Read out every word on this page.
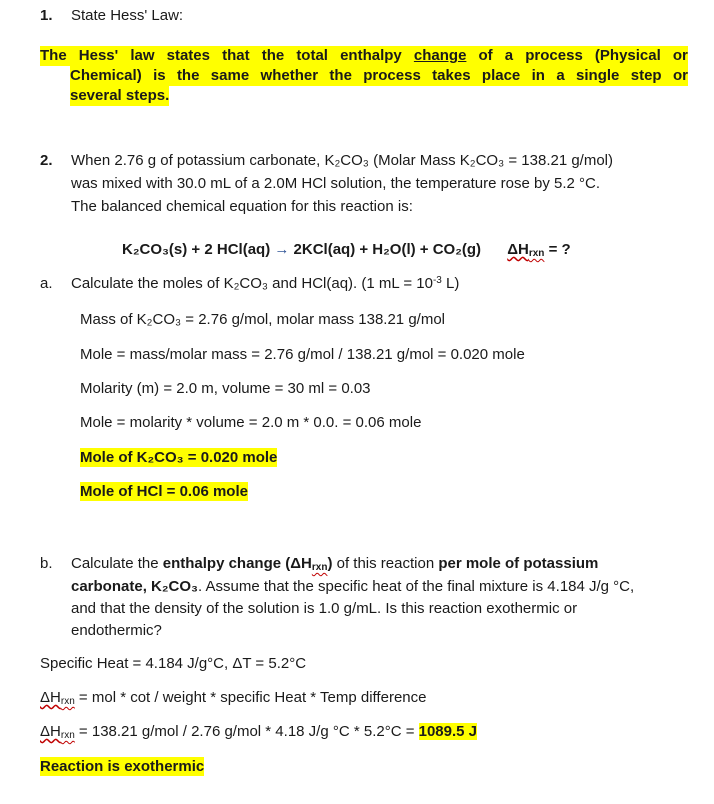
1. State Hess' Law:
The Hess' law states that the total enthalpy change of a process (Physical or
Chemical) is the same whether the process takes place in a single step or
several steps.
2. When 2.76 g of potassium carbonate, K₂CO₃ (Molar Mass K₂CO₃ = 138.21 g/mol)
was mixed with 30.0 mL of a 2.0M HCl solution, the temperature rose by 5.2 °C.
The balanced chemical equation for this reaction is:
K₂CO₃(s) + 2 HCl(aq) → 2KCl(aq) + H₂O(l) + CO₂(g) $\Delta H_{rxn}$ = ?
a. Calculate the moles of K₂CO₃ and HCl(aq). (1 mL = $10^{-3}$ L)
Mass of K₂CO₃ = 2.76 g/mol, molar mass 138.21 g/mol
Mole = mass/molar mass = 2.76 g/mol / 138.21 g/mol = 0.020 mole
Molarity (m) = 2.0 m, volume = 30 ml = 0.03
Mole = molarity * volume = 2.0 m * 0.0. = 0.06 mole
Mole of K₂CO₃ = 0.020 mole
Mole of HCl = 0.06 mole
b. Calculate the enthalpy change $(\Delta H_{rxn})$ of this reaction per mole of potassium
carbonate, K₂CO₃. Assume that the specific heat of the final mixture is 4.184 J/g °C,
and that the density of the solution is 1.0 g/mL. Is this reaction exothermic or
endothermic?
Specific Heat = 4.184 J/g°C, ΔT = 5.2°C
$\Delta H_{rxn}$ = mol * cot / weight * specific Heat * Temp difference
$\Delta H_{rxn} = 138.21$ g/mol / 2.76 g/mol * 4.18 J/g °C * 5.2°C = 1089.5 J
Reaction is exothermic
